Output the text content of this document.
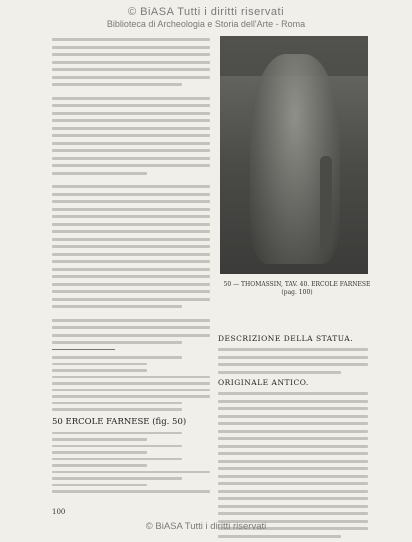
© BiASA Tutti i diritti riservati
Biblioteca di Archeologia e Storia dell'Arte - Roma
50 ERCOLE FARNESE (fig. 50)
50 — THOMASSIN, TAV. 40. ERCOLE FARNESE (pag. 100)
DESCRIZIONE DELLA STATUA.
ORIGINALE ANTICO.
100
© BiASA Tutti i diritti riservati
